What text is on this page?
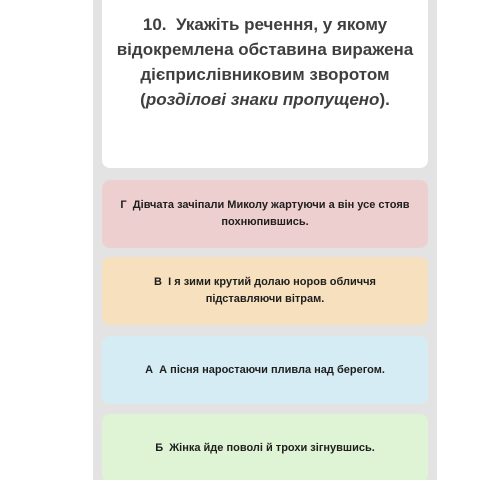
10. Укажіть речення, у якому відокремлена обставина виражена дієприслівниковим зворотом (розділові знаки пропущено).
Г Дівчата зачіпали Миколу жартуючи а він усе стояв похнюпившись.
В І я зими крутий долаю норов обличчя підставляючи вітрам.
А А пісня наростаючи пливла над берегом.
Б Жінка йде поволі й трохи зігнувшись.
